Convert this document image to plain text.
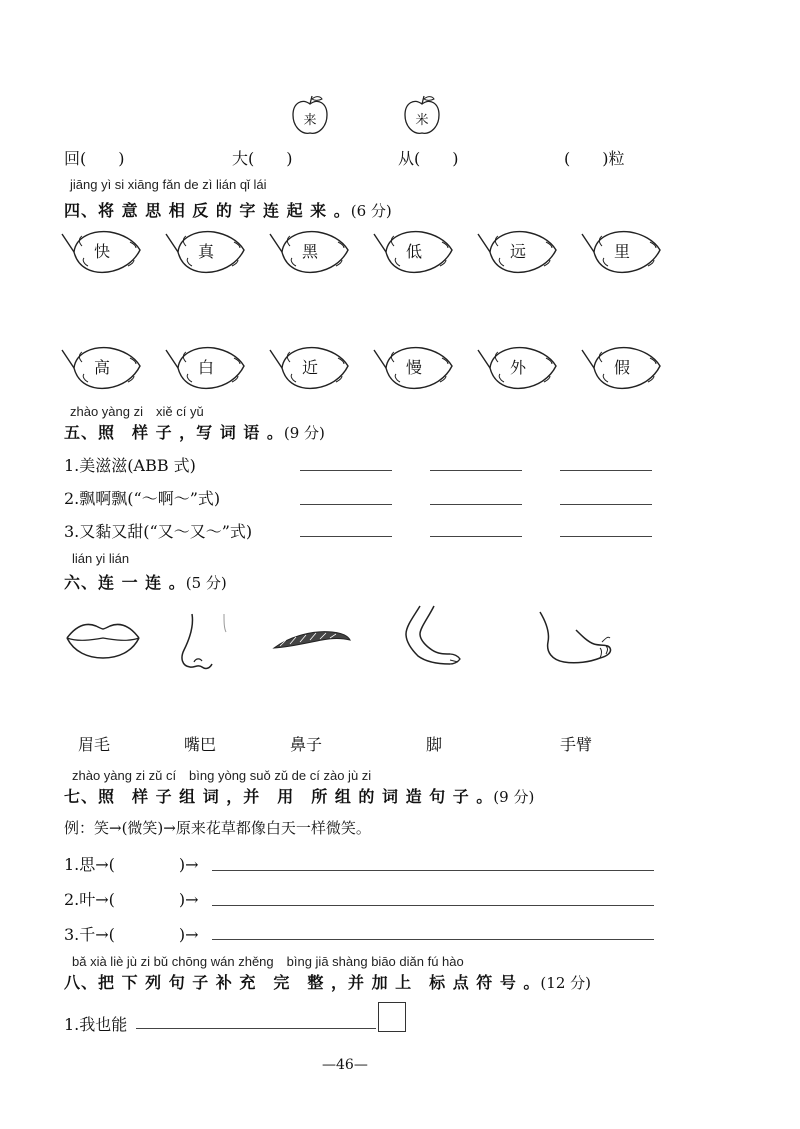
来	米
回(　　)	大(　　)	从(　　)	(　　)粒
jiāng yì si xiāng fǎn de zì lián qǐ lái
四、将 意 思 相 反 的 字 连 起 来 。(6 分)
快	真	黑	低	远	里
高	白	近	慢	外	假
zhào yàng zi　xiě cí yǔ
五、照　样 子 ，写 词 语 。(9 分)
1.美滋滋(ABB 式)
2.飘啊飘(“～啊～”式)
3.又黏又甜(“又～又～”式)
lián yi lián
六、连 一 连 。(5 分)
眉毛	嘴巴	鼻子	脚	手臂
zhào yàng zi zǔ cí　bìng yòng suǒ zǔ de cí zào jù zi
七、照　样 子 组 词 ，并　用　所 组 的 词 造 句 子 。(9 分)
例：笑→(微笑)→原来花草都像白天一样微笑。
1.思→(　　　　)→
2.叶→(　　　　)→
3.千→(　　　　)→
bǎ xià liè jù zi bǔ chōng wán zhěng　bìng jiā shàng biāo diǎn fú hào
八、把 下 列 句 子 补 充　完　整 ，并 加 上　标 点 符 号 。(12 分)
1.我也能
—46—
